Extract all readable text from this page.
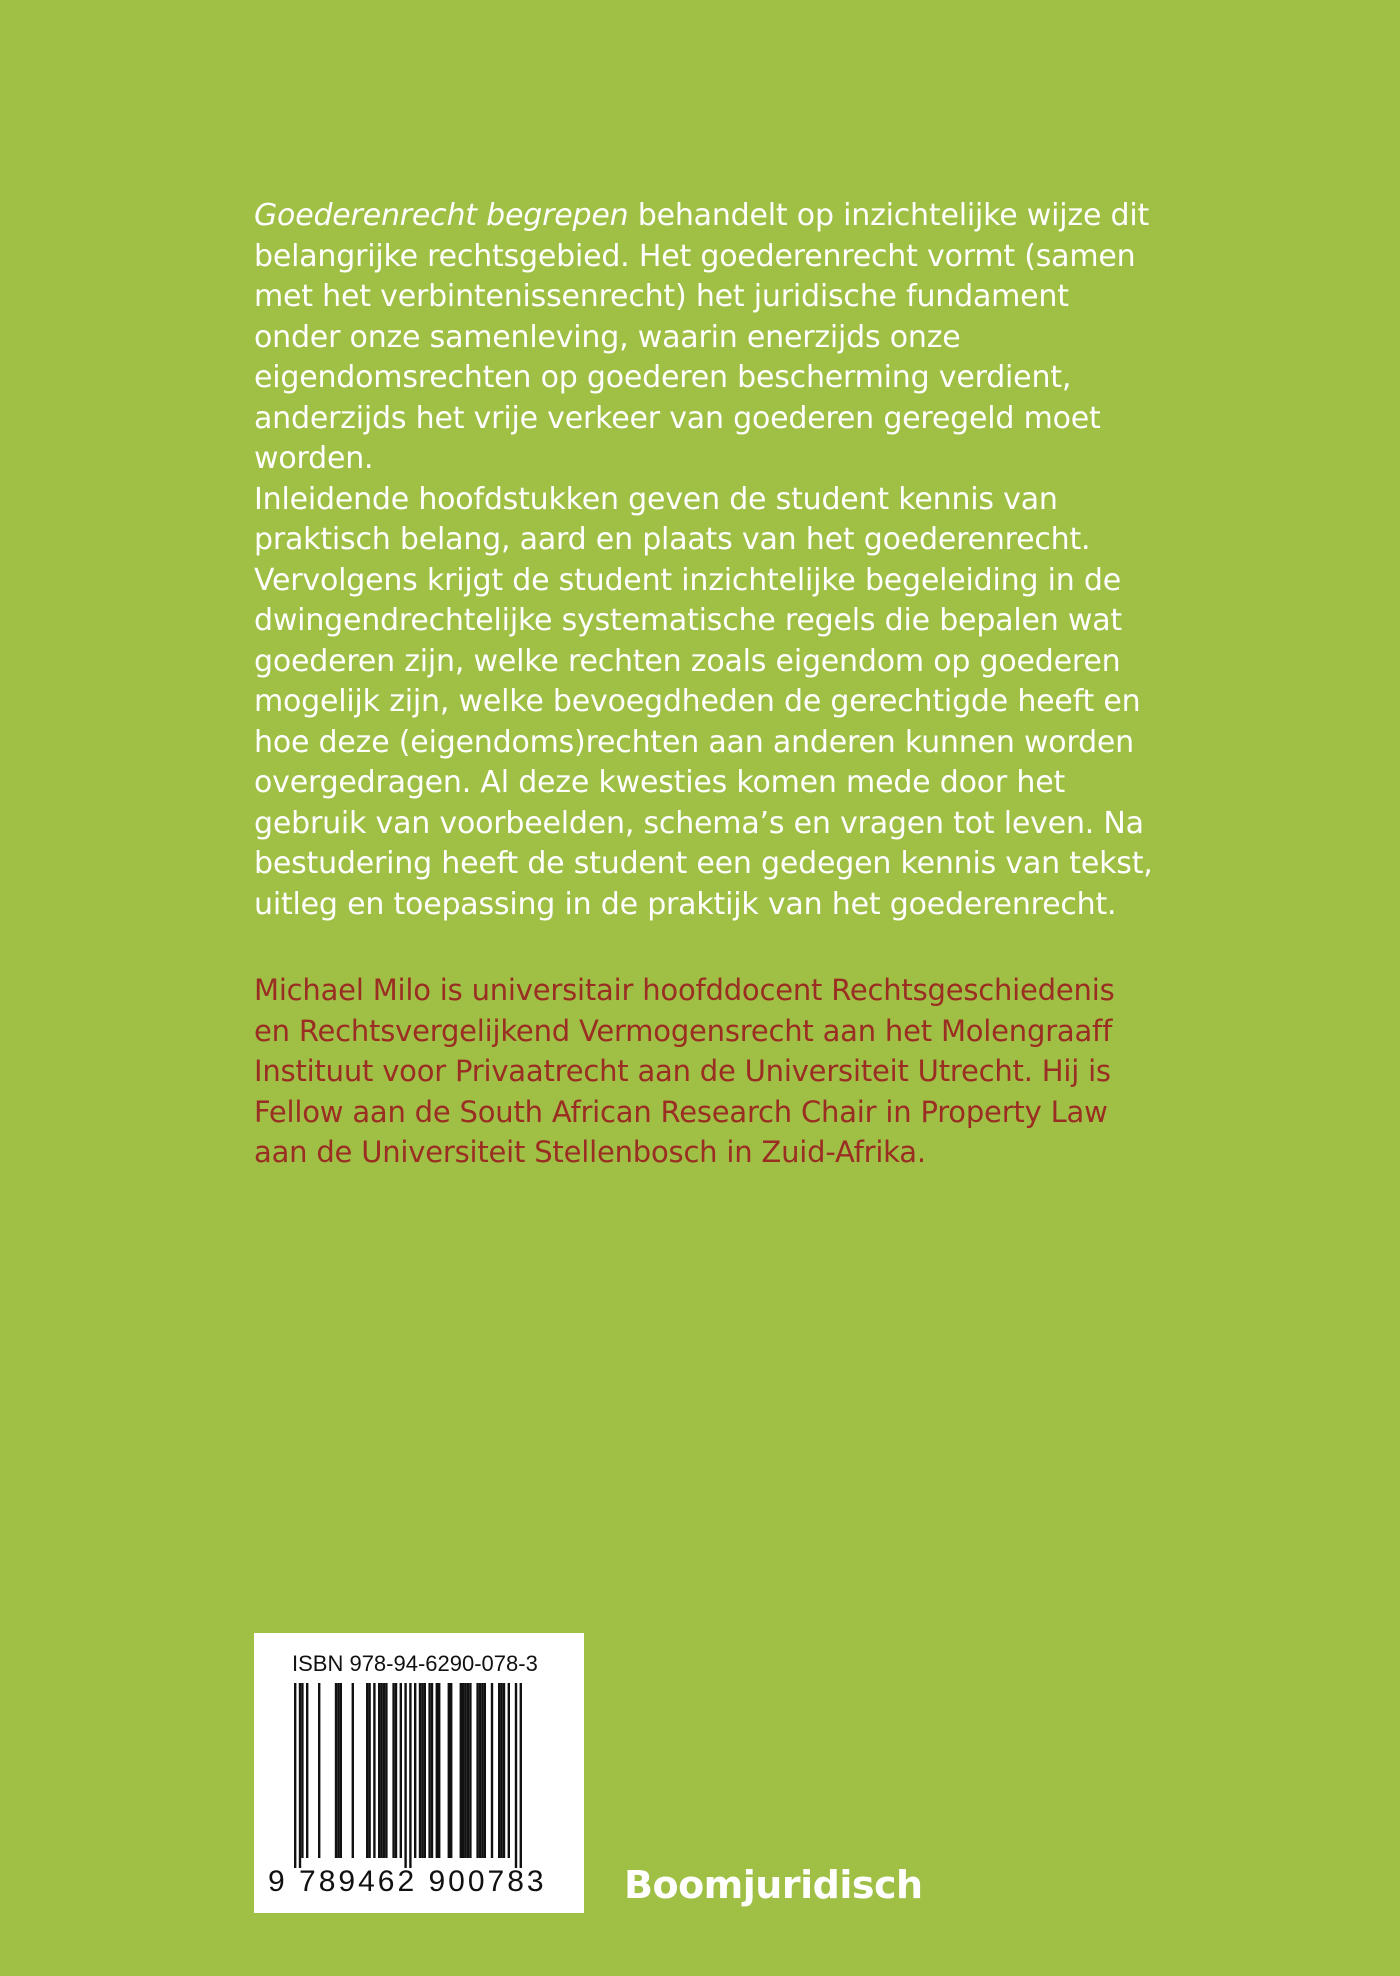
Goederenrecht begrepen behandelt op inzichtelijke wijze dit belangrijke rechtsgebied. Het goederenrecht vormt (samen met het verbintenissenrecht) het juridische fundament onder onze samenleving, waarin enerzijds onze eigendomsrechten op goederen bescherming verdient, anderzijds het vrije verkeer van goederen geregeld moet worden.

Inleidende hoofdstukken geven de student kennis van praktisch belang, aard en plaats van het goederenrecht. Vervolgens krijgt de student inzichtelijke begeleiding in de dwingendrechtelijke systematische regels die bepalen wat goederen zijn, welke rechten zoals eigendom op goederen mogelijk zijn, welke bevoegdheden de gerechtigde heeft en hoe deze (eigendoms)rechten aan anderen kunnen worden overgedragen. Al deze kwesties komen mede door het gebruik van voorbeelden, schema’s en vragen tot leven. Na bestudering heeft de student een gedegen kennis van tekst, uitleg en toepassing in de praktijk van het goederenrecht.

Michael Milo is universitair hoofddocent Rechtsgeschiedenis en Rechtsvergelijkend Vermogensrecht aan het Molengraaff Instituut voor Privaatrecht aan de Universiteit Utrecht. Hij is Fellow aan de South African Research Chair in Property Law aan de Universiteit Stellenbosch in Zuid-Afrika.

ISBN 978-94-6290-078-3
9 789462 900783 Boomjuridisch
